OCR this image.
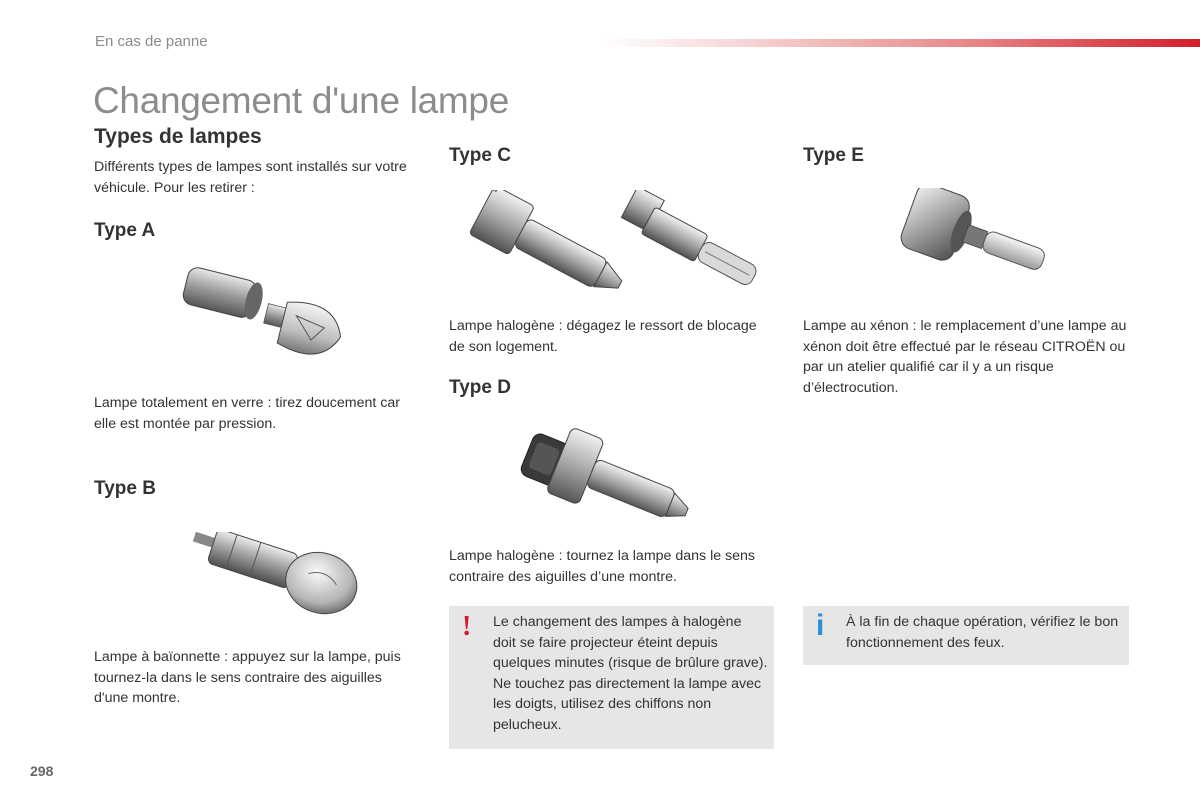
En cas de panne
Changement d'une lampe
Types de lampes
Différents types de lampes sont installés sur votre véhicule. Pour les retirer :
Type A
Lampe totalement en verre : tirez doucement car elle est montée par pression.
Type B
Lampe à baïonnette : appuyez sur la lampe, puis tournez-la dans le sens contraire des aiguilles d'une montre.
Type C
Lampe halogène : dégagez le ressort de blocage de son logement.
Type D
Lampe halogène : tournez la lampe dans le sens contraire des aiguilles d’une montre.
! Le changement des lampes à halogène doit se faire projecteur éteint depuis quelques minutes (risque de brûlure grave). Ne touchez pas directement la lampe avec les doigts, utilisez des chiffons non pelucheux.
Type E
Lampe au xénon : le remplacement d’une lampe au xénon doit être effectué par le réseau CITROËN ou par un atelier qualifié car il y a un risque d’électrocution.
i À la fin de chaque opération, vérifiez le bon fonctionnement des feux.
298
